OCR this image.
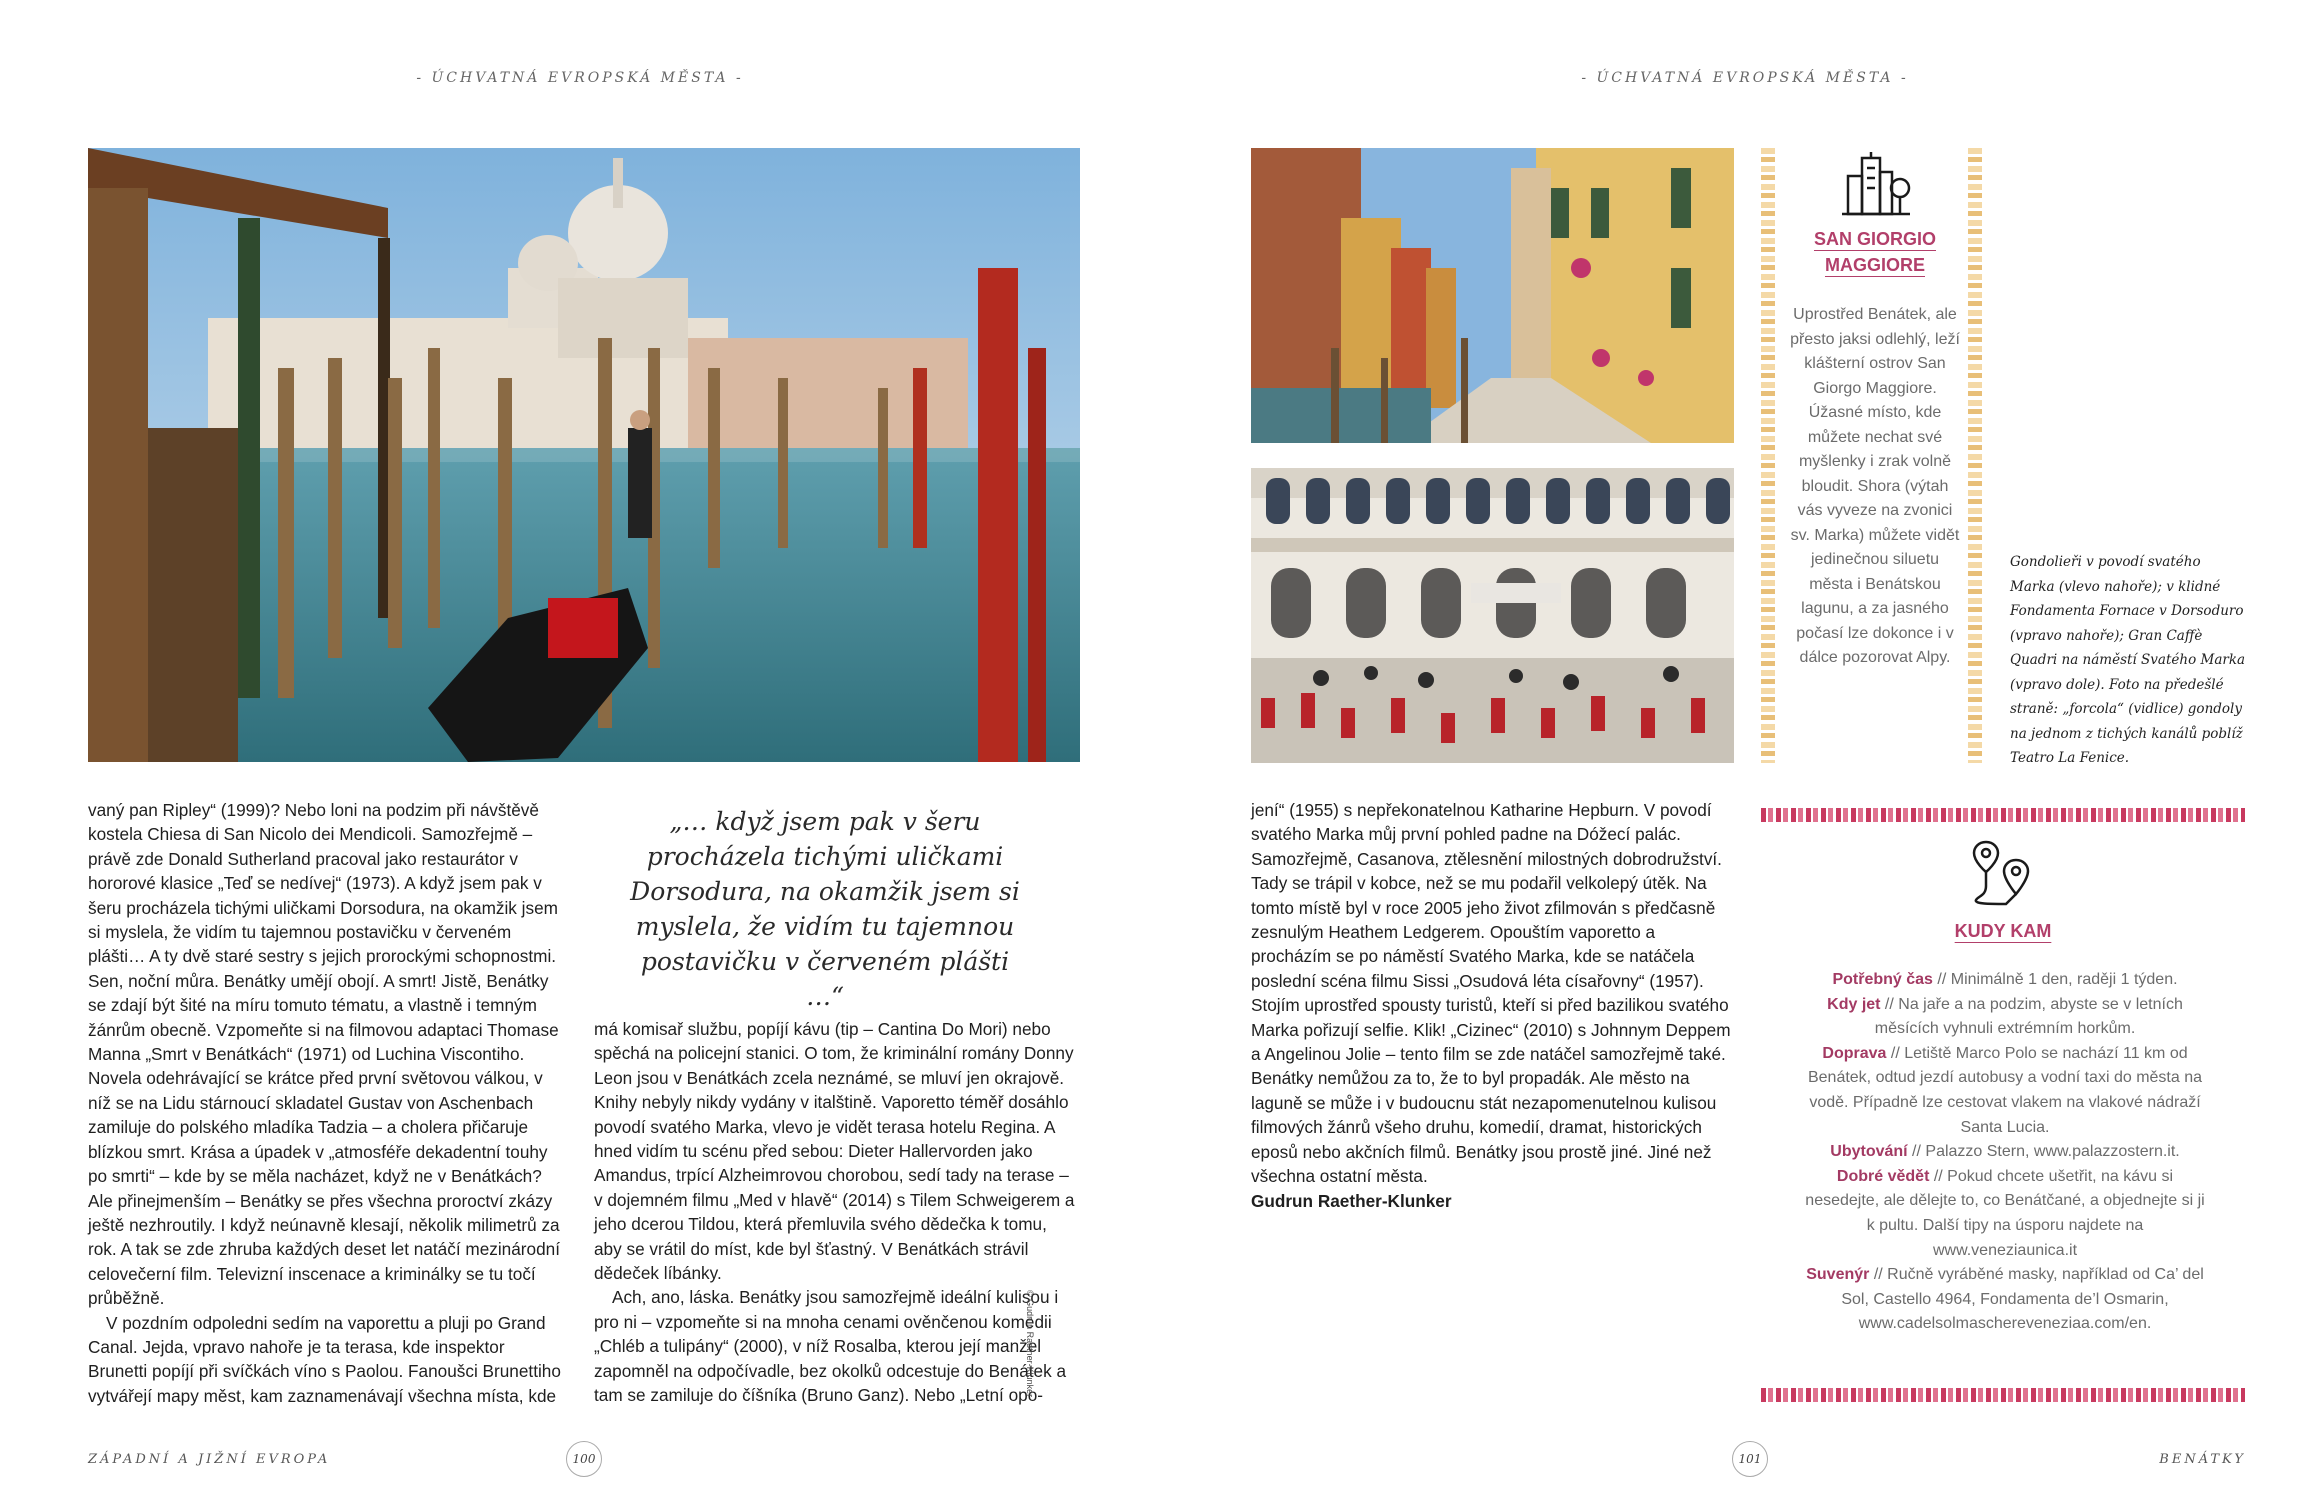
- ÚCHVATNÁ EVROPSKÁ MĚSTA -	- ÚCHVATNÁ EVROPSKÁ MĚSTA -

vaný pan Ripley“ (1999)? Nebo loni na podzim při návštěvě kostela Chiesa di San Nicolo dei Mendicoli. Samozřejmě – právě zde Donald Sutherland pracoval jako restaurátor v hororové klasice „Teď se nedívej“ (1973). A když jsem pak v šeru procházela tichými uličkami Dorsodura, na okamžik jsem si myslela, že vidím tu tajemnou postavičku v červeném plášti… A ty dvě staré sestry s jejich prorockými schopnostmi. Sen, noční můra. Benátky umějí obojí. A smrt! Jistě, Benátky se zdají být šité na míru tomuto tématu, a vlastně i temným žánrům obecně. Vzpomeňte si na filmovou adaptaci Thomase Manna „Smrt v Benátkách“ (1971) od Luchina Viscontiho. Novela odehrávající se krátce před první světovou válkou, v níž se na Lidu stárnoucí skladatel Gustav von Aschenbach zamiluje do polského mladíka Tadzia – a cholera přičaruje blízkou smrt. Krása a úpadek v „atmosféře dekadentní touhy po smrti“ – kde by se měla nacházet, když ne v Benátkách? Ale přinejmenším – Benátky se přes všechna proroctví zkázy ještě nezhroutily. I když neúnavně klesají, několik milimetrů za rok. A tak se zde zhruba každých deset let natáčí mezinárodní celovečerní film. Televizní inscenace a kriminálky se tu točí průběžně.

V pozdním odpoledni sedím na vaporettu a pluji po Grand Canal. Jejda, vpravo nahoře je ta terasa, kde inspektor Brunetti popíjí při svíčkách víno s Paolou. Fanoušci Brunettiho vytvářejí mapy měst, kam zaznamenávají všechna místa, kde

„… když jsem pak v šeru procházela tichými uličkami Dorsodura, na okamžik jsem si myslela, že vidím tu tajemnou postavičku v červeném plášti …“

má komisař službu, popíjí kávu (tip – Cantina Do Mori) nebo spěchá na policejní stanici. O tom, že kriminální romány Donny Leon jsou v Benátkách zcela neznámé, se mluví jen okrajově. Knihy nebyly nikdy vydány v italštině. Vaporetto téměř dosáhlo povodí svatého Marka, vlevo je vidět terasa hotelu Regina. A hned vidím tu scénu před sebou: Dieter Hallervorden jako Amandus, trpící Alzheimrovou chorobou, sedí tady na terase – v dojemném filmu „Med v hlavě“ (2014) s Tilem Schweigerem a jeho dcerou Tildou, která přemluvila svého dědečka k tomu, aby se vrátil do míst, kde byl šťastný. V Benátkách strávil dědeček líbánky.

Ach, ano, láska. Benátky jsou samozřejmě ideální kulisou i pro ni – vzpomeňte si na mnoha cenami ověnčenou komedii „Chléb a tulipány“ (2000), v níž Rosalba, kterou její manžel zapomněl na odpočívadle, bez okolků odcestuje do Benátek a tam se zamiluje do číšníka (Bruno Ganz). Nebo „Letní opo-

© Gudrun Raether-Klunker
ZÁPADNÍ A JIŽNÍ EVROPA	100
SAN GIORGIO
MAGGIORE
Uprostřed Benátek, ale přesto jaksi odlehlý, leží klášterní ostrov San Giorgo Maggiore. Úžasné místo, kde můžete nechat své myšlenky i zrak volně bloudit. Shora (výtah vás vyveze na zvonici sv. Marka) můžete vidět jedinečnou siluetu města i Benátskou lagunu, a za jasného počasí lze dokonce i v dálce pozorovat Alpy.
Gondolieři v povodí svatého Marka (vlevo nahoře); v klidné Fondamenta Fornace v Dorsoduro (vpravo nahoře); Gran Caffè Quadri na náměstí Svatého Marka (vpravo dole). Foto na předešlé straně: „forcola“ (vidlice) gondoly na jednom z tichých kanálů poblíž Teatro La Fenice.

jení“ (1955) s nepřekonatelnou Katharine Hepburn. V povodí svatého Marka můj první pohled padne na Dóžecí palác. Samozřejmě, Casanova, ztělesnění milostných dobrodružství. Tady se trápil v kobce, než se mu podařil velkolepý útěk. Na tomto místě byl v roce 2005 jeho život zfilmován s předčasně zesnulým Heathem Ledgerem. Opouštím vaporetto a procházím se po náměstí Svatého Marka, kde se natáčela poslední scéna filmu Sissi „Osudová léta císařovny“ (1957). Stojím uprostřed spousty turistů, kteří si před bazilikou svatého Marka pořizují selfie. Klik! „Cizinec“ (2010) s Johnnym Deppem a Angelinou Jolie – tento film se zde natáčel samozřejmě také. Benátky nemůžou za to, že to byl propadák. Ale město na laguně se může i v budoucnu stát nezapomenutelnou kulisou filmových žánrů všeho druhu, komedií, dramat, historických eposů nebo akčních filmů. Benátky jsou prostě jiné. Jiné než všechna ostatní města.

Gudrun Raether-Klunker

KUDY KAM

Potřebný čas // Minimálně 1 den, raději 1 týden.

Kdy jet // Na jaře a na podzim, abyste se v letních měsících vyhnuli extrémním horkům.

Doprava // Letiště Marco Polo se nachází 11 km od Benátek, odtud jezdí autobusy a vodní taxi do města na vodě. Případně lze cestovat vlakem na vlakové nádraží Santa Lucia.

Ubytování // Palazzo Stern, www.palazzostern.it.

Dobré vědět // Pokud chcete ušetřit, na kávu si nesedejte, ale dělejte to, co Benátčané, a objednejte si ji k pultu. Další tipy na úsporu najdete na www.veneziaunica.it

Suvenýr // Ručně vyráběné masky, například od Ca’ del Sol, Castello 4964, Fondamenta de’l Osmarin, www.cadelsolmaschereveneziaa.com/en.

101	BENÁTKY
